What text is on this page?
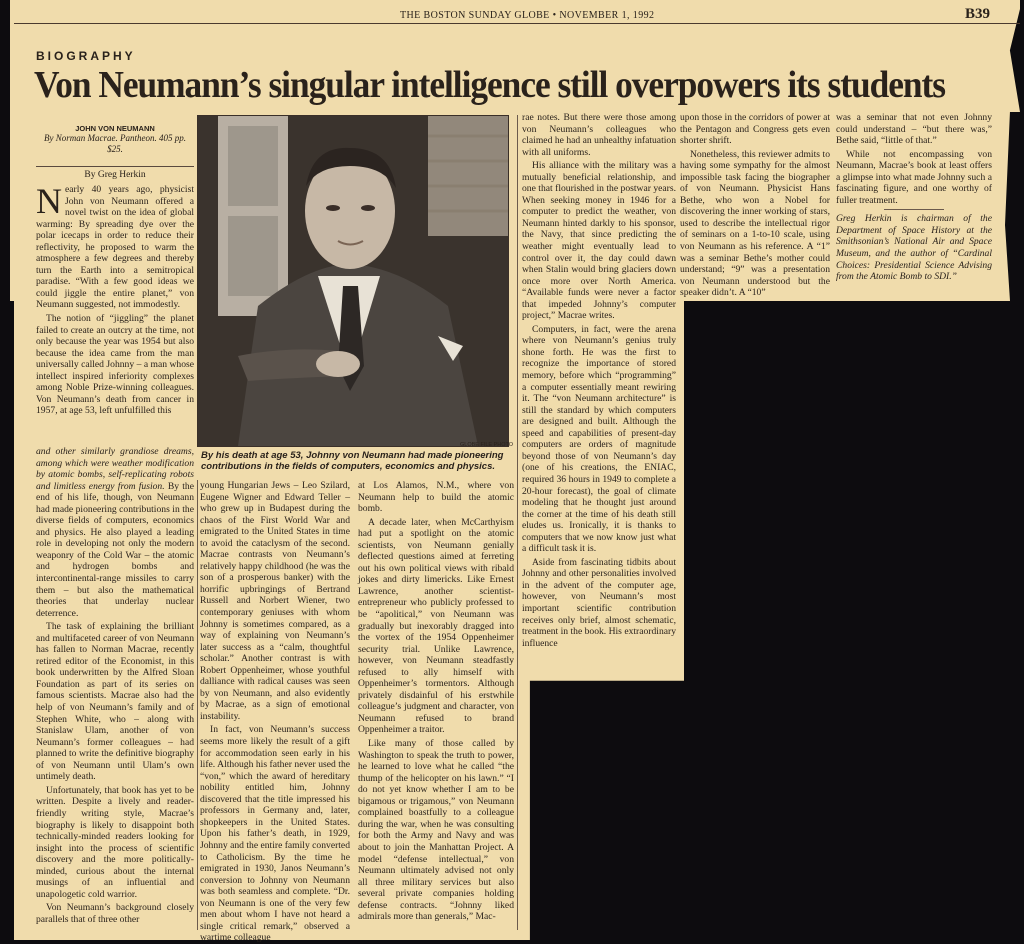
THE BOSTON SUNDAY GLOBE • NOVEMBER 1, 1992	B39
BIOGRAPHY
Von Neumann’s singular intelligence still overpowers its students
JOHN VON NEUMANN
By Norman Macrae. Pantheon. 405 pp. $25.
By Greg Herkin
GLOBE FILE PHOTO
By his death at age 53, Johnny von Neumann had made pioneering contributions in the fields of computers, economics and physics.
N early 40 years ago, physicist John von Neumann offered a novel twist on the idea of global warming: By spreading dye over the polar icecaps in order to reduce their reflectivity, he proposed to warm the atmosphere a few degrees and thereby turn the Earth into a semitropical paradise. “With a few good ideas we could jiggle the entire planet,” von Neumann suggested, not immodestly.

The notion of “jiggling” the planet failed to create an outcry at the time, not only because the year was 1954 but also because the idea came from the man universally called Johnny – a man whose intellect inspired inferiority complexes among Noble Prize-winning colleagues. Von Neumann’s death from cancer in 1957, at age 53, left unfulfilled this

and other similarly grandiose dreams, among which were weather modification by atomic bombs, self-replicating robots and limitless energy from fusion. By the end of his life, though, von Neumann had made pioneering contributions in the diverse fields of computers, economics and physics. He also played a leading role in developing not only the modern weaponry of the Cold War – the atomic and hydrogen bombs and intercontinental-range missiles to carry them – but also the mathematical theories that underlay nuclear deterrence.

The task of explaining the brilliant and multifaceted career of von Neumann has fallen to Norman Macrae, recently retired editor of the Economist, in this book underwritten by the Alfred Sloan Foundation as part of its series on famous scientists. Macrae also had the help of von Neumann’s family and of Stephen White, who – along with Stanislaw Ulam, another of von Neumann’s former colleagues – had planned to write the definitive biography of von Neumann until Ulam’s own untimely death.

Unfortunately, that book has yet to be written. Despite a lively and reader-friendly writing style, Macrae’s biography is likely to disappoint both technically-minded readers looking for insight into the process of scientific discovery and the more politically-minded, curious about the internal musings of an influential and unapologetic cold warrior.

Von Neumann’s background closely parallels that of three other

young Hungarian Jews – Leo Szilard, Eugene Wigner and Edward Teller – who grew up in Budapest during the chaos of the First World War and emigrated to the United States in time to avoid the cataclysm of the second. Macrae contrasts von Neumann’s relatively happy childhood (he was the son of a prosperous banker) with the horrific upbringings of Bertrand Russell and Norbert Wiener, two contemporary geniuses with whom Johnny is sometimes compared, as a way of explaining von Neumann’s later success as a “calm, thoughtful scholar.” Another contrast is with Robert Oppenheimer, whose youthful dalliance with radical causes was seen by von Neumann, and also evidently by Macrae, as a sign of emotional instability.

In fact, von Neumann’s success seems more likely the result of a gift for accommodation seen early in his life. Although his father never used the “von,” which the award of hereditary nobility entitled him, Johnny discovered that the title impressed his professors in Germany and, later, shopkeepers in the United States. Upon his father’s death, in 1929, Johnny and the entire family converted to Catholicism. By the time he emigrated in 1930, Janos Neumann’s conversion to Johnny von Neumann was both seamless and complete. “Dr. von Neumann is one of the very few men about whom I have not heard a single critical remark,” observed a wartime colleague

at Los Alamos, N.M., where von Neumann help to build the atomic bomb.

A decade later, when McCarthyism had put a spotlight on the atomic scientists, von Neumann genially deflected questions aimed at ferreting out his own political views with ribald jokes and dirty limericks. Like Ernest Lawrence, another scientist-entrepreneur who publicly professed to be “apolitical,” von Neumann was gradually but inexorably dragged into the vortex of the 1954 Oppenheimer security trial. Unlike Lawrence, however, von Neumann steadfastly refused to ally himself with Oppenheimer’s tormentors. Although privately disdainful of his erstwhile colleague’s judgment and character, von Neumann refused to brand Oppenheimer a traitor.

Like many of those called by Washington to speak the truth to power, he learned to love what he called “the thump of the helicopter on his lawn.” “I do not yet know whether I am to be bigamous or trigamous,” von Neumann complained boastfully to a colleague during the war, when he was consulting for both the Army and Navy and was about to join the Manhattan Project. A model “defense intellectual,” von Neumann ultimately advised not only all three military services but also several private companies holding defense contracts. “Johnny liked admirals more than generals,” Mac-

rae notes. But there were those among von Neumann’s colleagues who claimed he had an unhealthy infatuation with all uniforms.

His alliance with the military was a mutually beneficial relationship, and one that flourished in the postwar years. When seeking money in 1946 for a computer to predict the weather, von Neumann hinted darkly to his sponsor, the Navy, that since predicting the weather might eventually lead to control over it, the day could dawn when Stalin would bring glaciers down once more over North America. “Available funds were never a factor that impeded Johnny’s computer project,” Macrae writes.

Computers, in fact, were the arena where von Neumann’s genius truly shone forth. He was the first to recognize the importance of stored memory, before which “programming” a computer essentially meant rewiring it. The “von Neumann architecture” is still the standard by which computers are designed and built. Although the speed and capabilities of present-day computers are orders of magnitude beyond those of von Neumann’s day (one of his creations, the ENIAC, required 36 hours in 1949 to complete a 20-hour forecast), the goal of climate modeling that he thought just around the corner at the time of his death still eludes us. Ironically, it is thanks to computers that we now know just what a difficult task it is.

Aside from fascinating tidbits about Johnny and other personalities involved in the advent of the computer age, however, von Neumann’s most important scientific contribution receives only brief, almost schematic, treatment in the book. His extraordinary influence

upon those in the corridors of power at the Pentagon and Congress gets even shorter shrift.

Nonetheless, this reviewer admits to having some sympathy for the almost impossible task facing the biographer of von Neumann. Physicist Hans Bethe, who won a Nobel for discovering the inner working of stars, used to describe the intellectual rigor of seminars on a 1-to-10 scale, using von Neumann as his reference. A “1” was a seminar Bethe’s mother could understand; “9” was a presentation von Neumann understood but the speaker didn’t. A “10”

was a seminar that not even Johnny could understand – “but there was,” Bethe said, “little of that.”

While not encompassing von Neumann, Macrae’s book at least offers a glimpse into what made Johnny such a fascinating figure, and one worthy of fuller treatment.

Greg Herkin is chairman of the Department of Space History at the Smithsonian’s National Air and Space Museum, and the author of “Cardinal Choices: Presidential Science Advising from the Atomic Bomb to SDI.”
